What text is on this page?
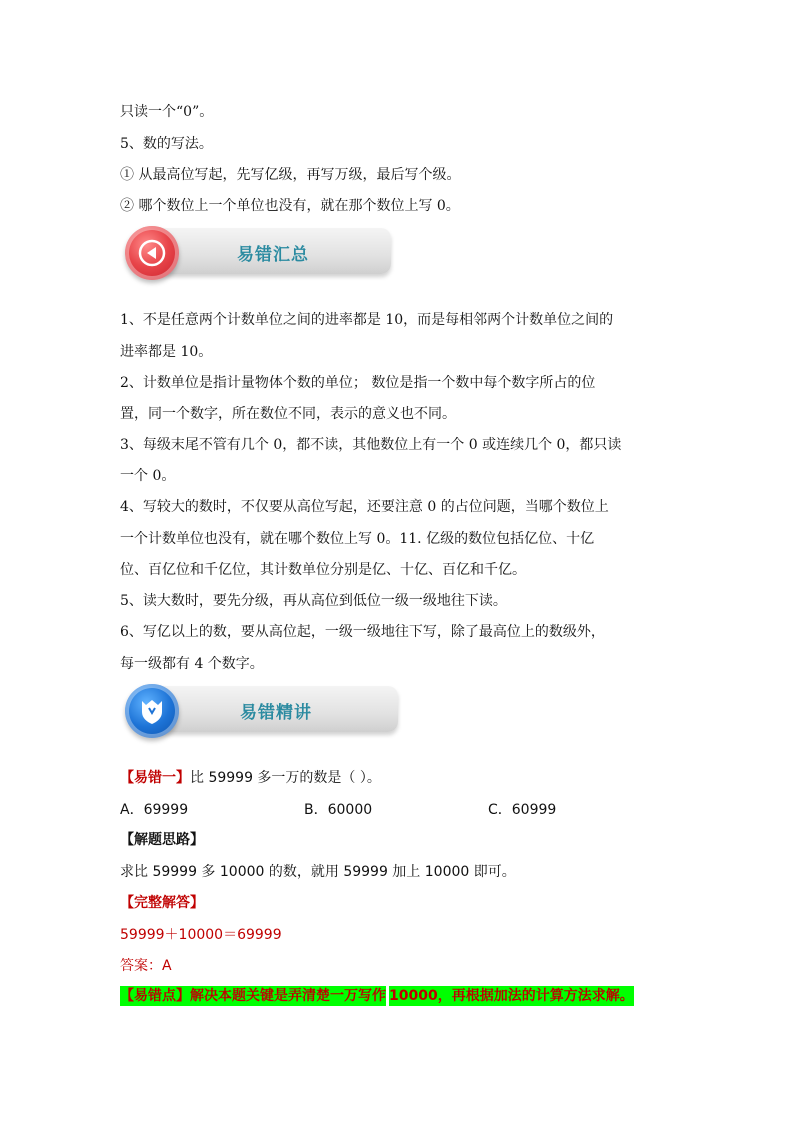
只读一个“0”。
5、数的写法。
① 从最高位写起，先写亿级，再写万级，最后写个级。
② 哪个数位上一个单位也没有，就在那个数位上写 0。
易错汇总
1、不是任意两个计数单位之间的进率都是 10，而是每相邻两个计数单位之间的
进率都是 10。
2、计数单位是指计量物体个数的单位； 数位是指一个数中每个数字所占的位
置，同一个数字，所在数位不同，表示的意义也不同。
3、每级末尾不管有几个 0，都不读，其他数位上有一个 0 或连续几个 0，都只读
一个 0。
4、写较大的数时，不仅要从高位写起，还要注意 0 的占位问题，当哪个数位上
一个计数单位也没有，就在哪个数位上写 0。11. 亿级的数位包括亿位、十亿
位、百亿位和千亿位，其计数单位分别是亿、十亿、百亿和千亿。
5、读大数时，要先分级，再从高位到低位一级一级地往下读。
6、写亿以上的数，要从高位起，一级一级地往下写，除了最高位上的数级外，
每一级都有 4 个数字。
易错精讲
【易错一】比 59999 多一万的数是（ ）。
A．69999	B．60000	C．60999
【解题思路】
求比 59999 多 10000 的数，就用 59999 加上 10000 即可。
【完整解答】
59999＋10000＝69999
答案：A
【易错点】解决本题关键是弄清楚一万写作 10000，再根据加法的计算方法求解。
